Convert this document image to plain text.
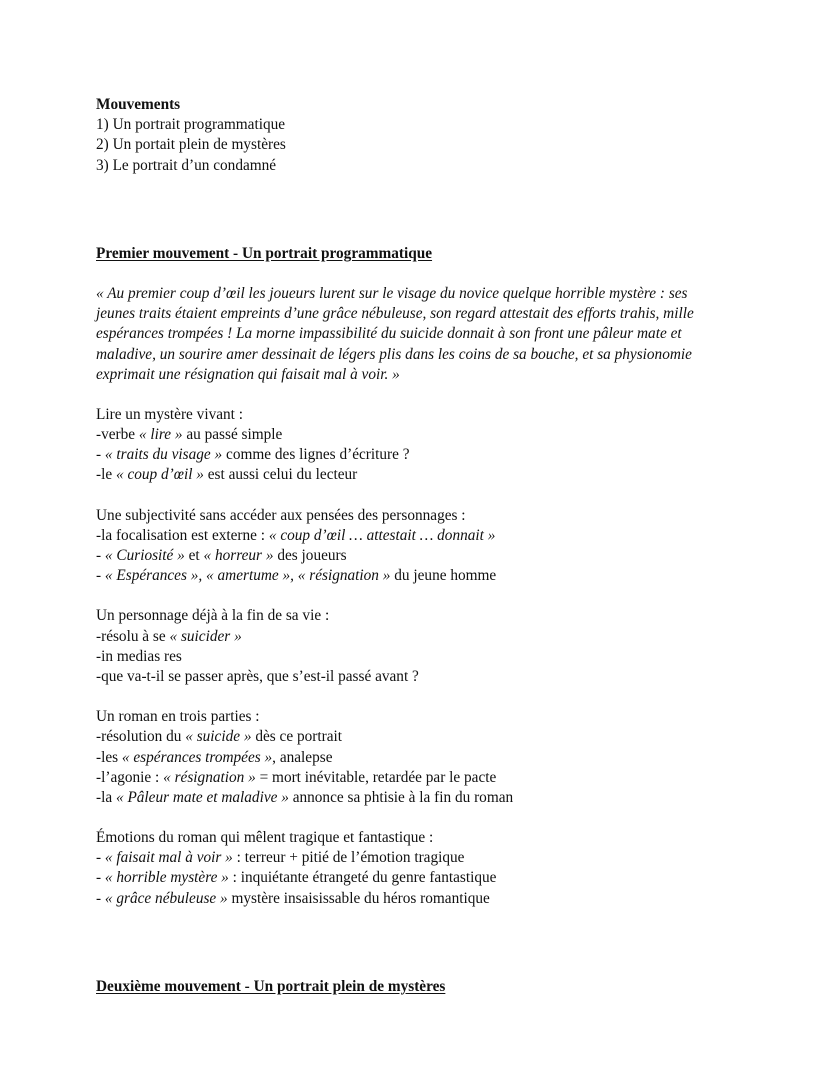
Mouvements
1) Un portrait programmatique
2) Un portait plein de mystères
3) Le portrait d’un condamné
Premier mouvement - Un portrait programmatique
« Au premier coup d’œil les joueurs lurent sur le visage du novice quelque horrible mystère : ses
jeunes traits étaient empreints d’une grâce nébuleuse, son regard attestait des efforts trahis, mille
espérances trompées ! La morne impassibilité du suicide donnait à son front une pâleur mate et
maladive, un sourire amer dessinait de légers plis dans les coins de sa bouche, et sa physionomie
exprimait une résignation qui faisait mal à voir. »
Lire un mystère vivant :
-verbe « lire » au passé simple
- « traits du visage » comme des lignes d’écriture ?
-le « coup d’œil » est aussi celui du lecteur
Une subjectivité sans accéder aux pensées des personnages :
-la focalisation est externe : « coup d’œil … attestait … donnait »
- « Curiosité » et « horreur » des joueurs
- « Espérances », « amertume », « résignation » du jeune homme
Un personnage déjà à la fin de sa vie :
-résolu à se « suicider »
-in medias res
-que va-t-il se passer après, que s’est-il passé avant ?
Un roman en trois parties :
-résolution du « suicide » dès ce portrait
-les « espérances trompées », analepse
-l’agonie : « résignation » = mort inévitable, retardée par le pacte
-la « Pâleur mate et maladive » annonce sa phtisie à la fin du roman
Émotions du roman qui mêlent tragique et fantastique :
- « faisait mal à voir » : terreur + pitié de l’émotion tragique
- « horrible mystère » : inquiétante étrangeté du genre fantastique
- « grâce nébuleuse » mystère insaisissable du héros romantique
Deuxième mouvement - Un portrait plein de mystères
